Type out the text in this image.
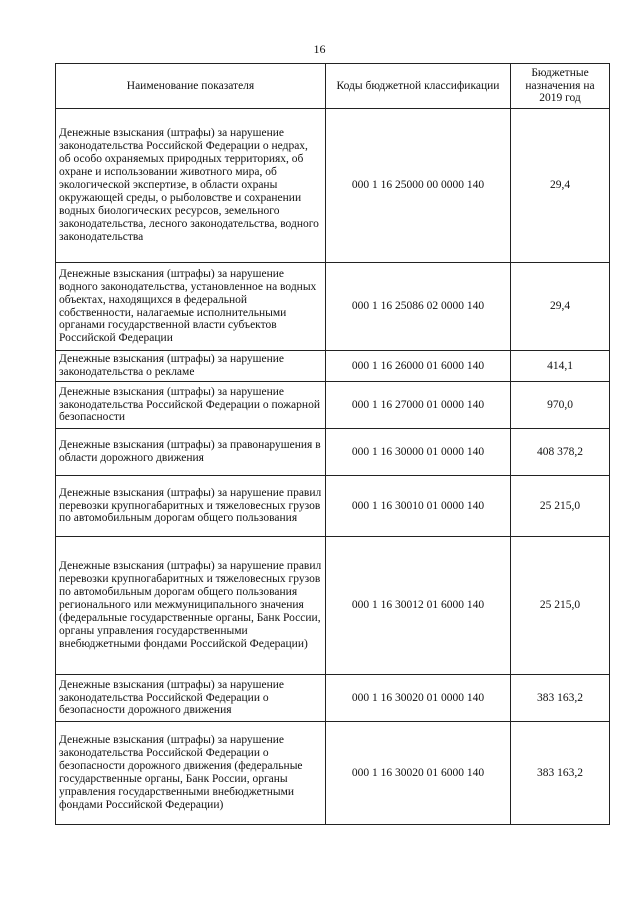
16
Наименование показателя	Коды бюджетной классификации	Бюджетные назначения на 2019 год
Денежные взыскания (штрафы) за нарушение законодательства Российской Федерации о недрах, об особо охраняемых природных территориях, об охране и использовании животного мира, об экологической экспертизе, в области охраны окружающей среды, о рыболовстве и сохранении водных биологических ресурсов, земельного законодательства, лесного законодательства, водного законодательства	000 1 16 25000 00 0000 140	29,4
Денежные взыскания (штрафы) за нарушение водного законодательства, установленное на водных объектах, находящихся в федеральной собственности, налагаемые исполнительными органами государственной власти субъектов Российской Федерации	000 1 16 25086 02 0000 140	29,4
Денежные взыскания (штрафы) за нарушение законодательства о рекламе	000 1 16 26000 01 6000 140	414,1
Денежные взыскания (штрафы) за нарушение законодательства Российской Федерации о пожарной безопасности	000 1 16 27000 01 0000 140	970,0
Денежные взыскания (штрафы) за правонарушения в области дорожного движения	000 1 16 30000 01 0000 140	408 378,2
Денежные взыскания (штрафы) за нарушение правил перевозки крупногабаритных и тяжеловесных грузов по автомобильным дорогам общего пользования	000 1 16 30010 01 0000 140	25 215,0
Денежные взыскания (штрафы) за нарушение правил перевозки крупногабаритных и тяжеловесных грузов по автомобильным дорогам общего пользования регионального или межмуниципального значения (федеральные государственные органы, Банк России, органы управления государственными внебюджетными фондами Российской Федерации)	000 1 16 30012 01 6000 140	25 215,0
Денежные взыскания (штрафы) за нарушение законодательства Российской Федерации о безопасности дорожного движения	000 1 16 30020 01 0000 140	383 163,2
Денежные взыскания (штрафы) за нарушение законодательства Российской Федерации о безопасности дорожного движения (федеральные государственные органы, Банк России, органы управления государственными внебюджетными фондами Российской Федерации)	000 1 16 30020 01 6000 140	383 163,2
